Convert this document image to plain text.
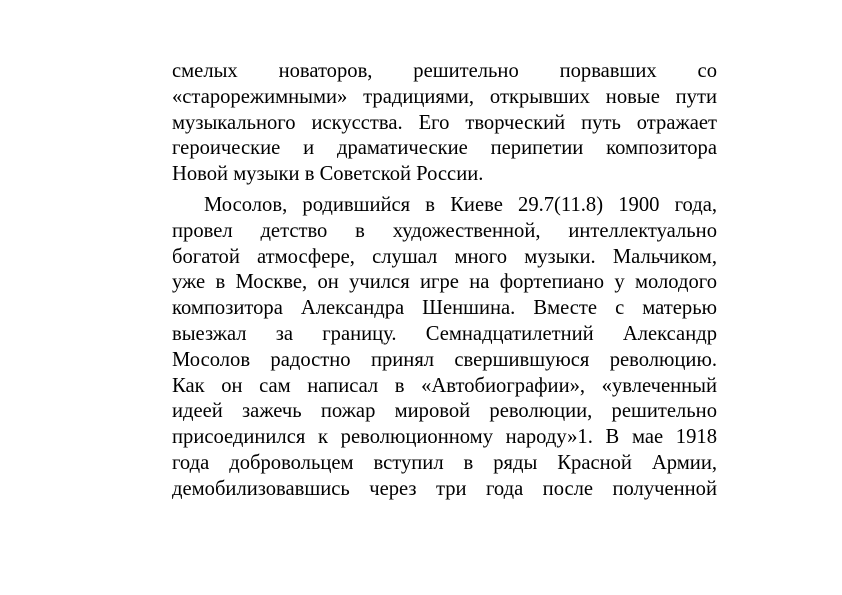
смелых новаторов, решительно порвавших со
«старорежимными» традициями, открывших новые пути
музыкального искусства. Его творческий путь отражает
героические и драматические перипетии композитора
Новой музыки в Советской России.

Мосолов, родившийся в Киеве 29.7(11.8) 1900 года,
провел детство в художественной, интеллектуально
богатой атмосфере, слушал много музыки. Мальчиком,
уже в Москве, он учился игре на фортепиано у молодого
композитора Александра Шеншина. Вместе с матерью
выезжал за границу. Семнадцатилетний Александр
Мосолов радостно принял свершившуюся революцию.
Как он сам написал в «Автобиографии», «увлеченный
идеей зажечь пожар мировой революции, решительно
присоединился к революционному народу»1. В мае 1918
года добровольцем вступил в ряды Красной Армии,
демобилизовавшись через три года после полученной
